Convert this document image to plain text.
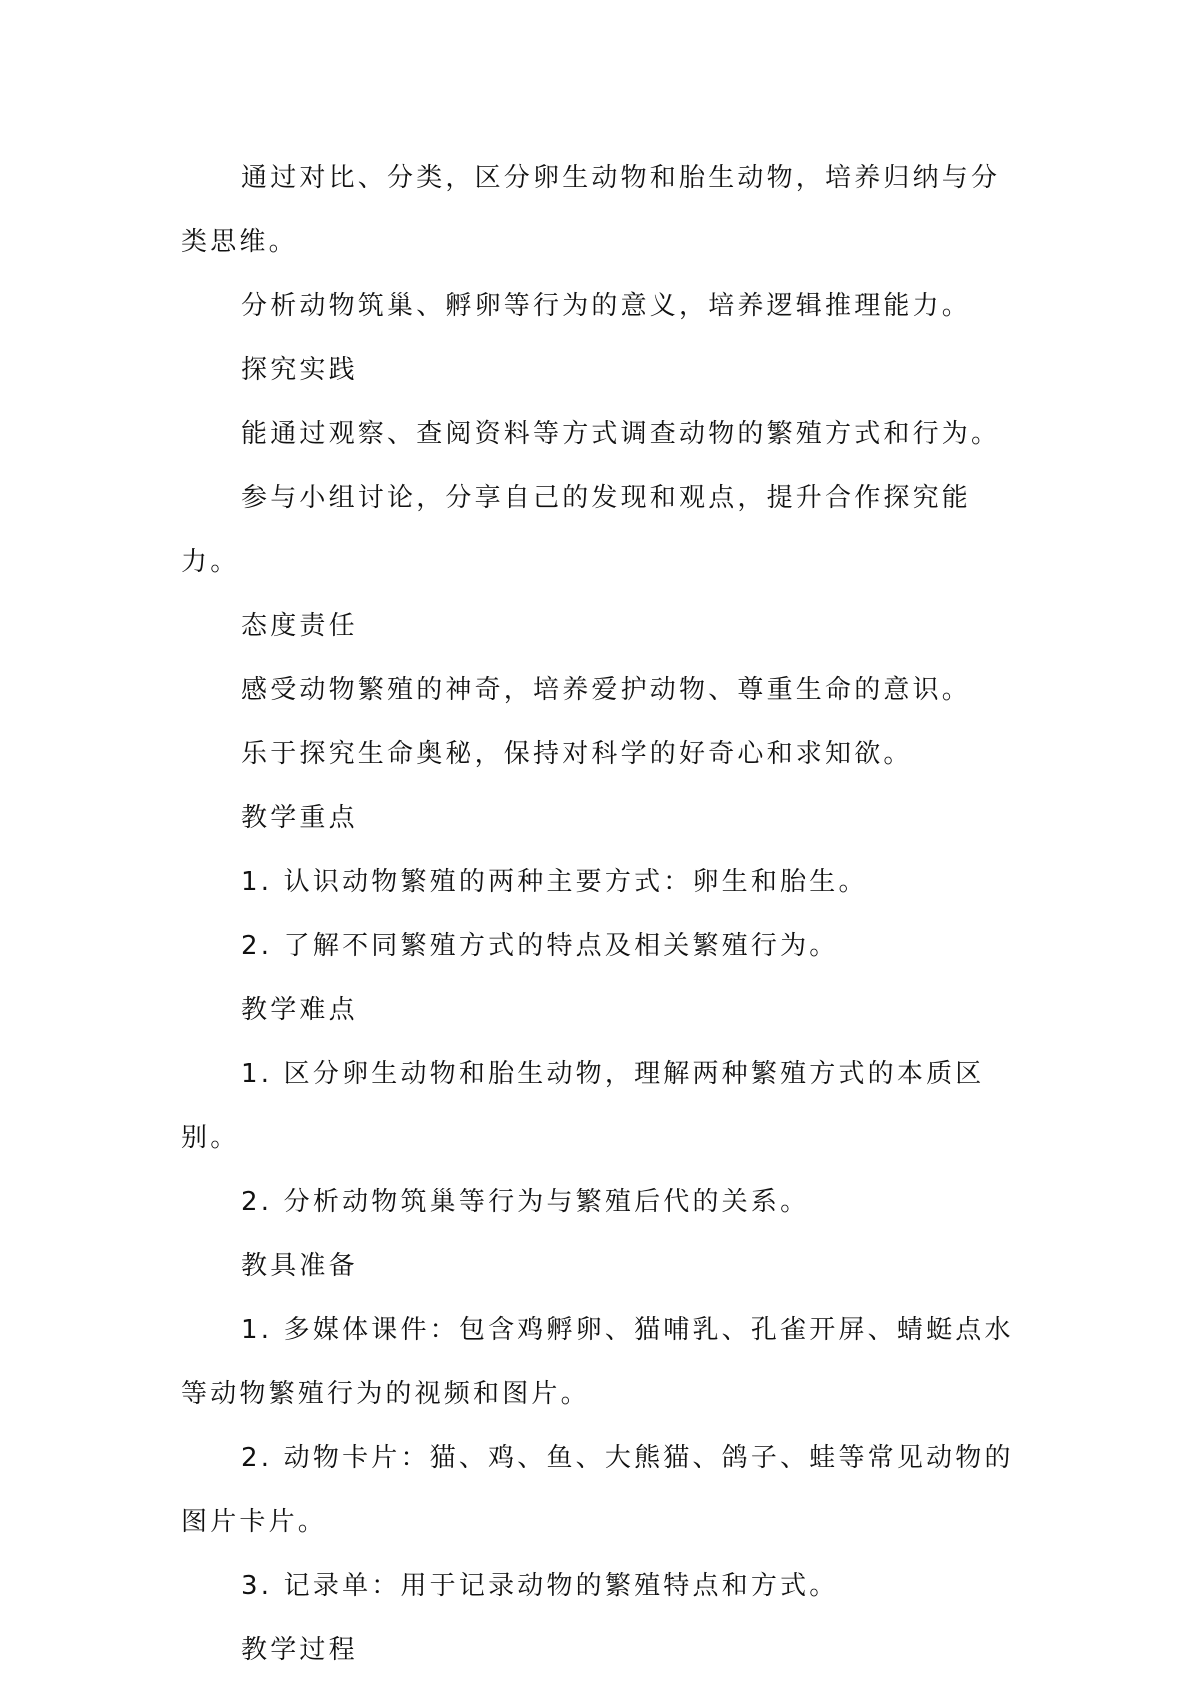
通过对比、分类，区分卵生动物和胎生动物，培养归纳与分类思维。

分析动物筑巢、孵卵等行为的意义，培养逻辑推理能力。

探究实践

能通过观察、查阅资料等方式调查动物的繁殖方式和行为。

参与小组讨论，分享自己的发现和观点，提升合作探究能力。

态度责任

感受动物繁殖的神奇，培养爱护动物、尊重生命的意识。

乐于探究生命奥秘，保持对科学的好奇心和求知欲。

教学重点

1. 认识动物繁殖的两种主要方式：卵生和胎生。

2. 了解不同繁殖方式的特点及相关繁殖行为。

教学难点

1. 区分卵生动物和胎生动物，理解两种繁殖方式的本质区别。

2. 分析动物筑巢等行为与繁殖后代的关系。

教具准备

1. 多媒体课件：包含鸡孵卵、猫哺乳、孔雀开屏、蜻蜓点水等动物繁殖行为的视频和图片。

2. 动物卡片：猫、鸡、鱼、大熊猫、鸽子、蛙等常见动物的图片卡片。

3. 记录单：用于记录动物的繁殖特点和方式。

教学过程
